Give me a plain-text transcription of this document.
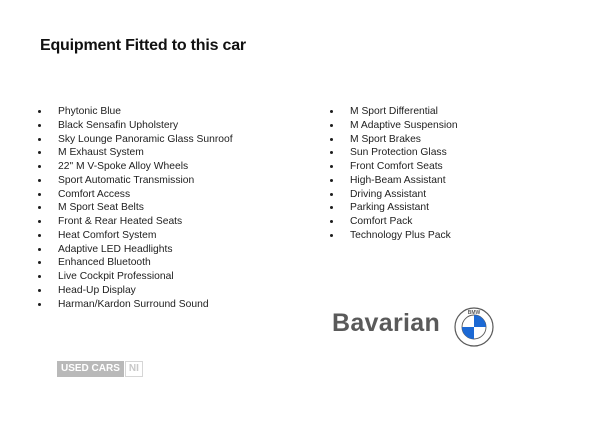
Equipment Fitted to this car
Phytonic Blue
Black Sensafin Upholstery
Sky Lounge Panoramic Glass Sunroof
M Exhaust System
22" M V-Spoke Alloy Wheels
Sport Automatic Transmission
Comfort Access
M Sport Seat Belts
Front & Rear Heated Seats
Heat Comfort System
Adaptive LED Headlights
Enhanced Bluetooth
Live Cockpit Professional
Head-Up Display
Harman/Kardon Surround Sound
M Sport Differential
M Adaptive Suspension
M Sport Brakes
Sun Protection Glass
Front Comfort Seats
High-Beam Assistant
Driving Assistant
Parking Assistant
Comfort Pack
Technology Plus Pack
Bavarian	BMW
USED CARS NI
